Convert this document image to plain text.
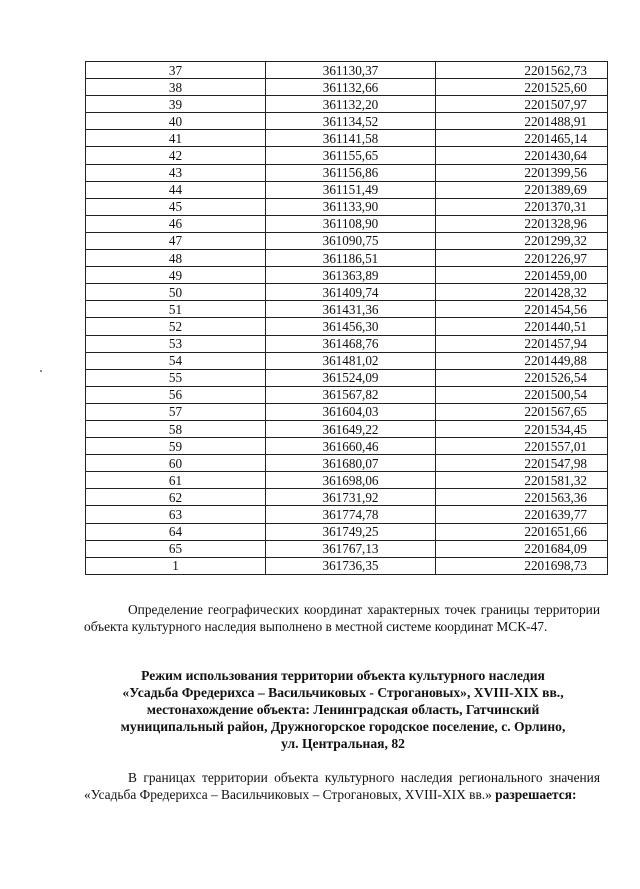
37	361130,37	2201562,73
38	361132,66	2201525,60
39	361132,20	2201507,97
40	361134,52	2201488,91
41	361141,58	2201465,14
42	361155,65	2201430,64
43	361156,86	2201399,56
44	361151,49	2201389,69
45	361133,90	2201370,31
46	361108,90	2201328,96
47	361090,75	2201299,32
48	361186,51	2201226,97
49	361363,89	2201459,00
50	361409,74	2201428,32
51	361431,36	2201454,56
52	361456,30	2201440,51
53	361468,76	2201457,94
54	361481,02	2201449,88
55	361524,09	2201526,54
56	361567,82	2201500,54
57	361604,03	2201567,65
58	361649,22	2201534,45
59	361660,46	2201557,01
60	361680,07	2201547,98
61	361698,06	2201581,32
62	361731,92	2201563,36
63	361774,78	2201639,77
64	361749,25	2201651,66
65	361767,13	2201684,09
1	361736,35	2201698,73

Определение географических координат характерных точек границы территории объекта культурного наследия выполнено в местной системе координат МСК-47.

Режим использования территории объекта культурного наследия
«Усадьба Фредерихса – Васильчиковых - Строгановых», XVIII-XIX вв.,
местонахождение объекта: Ленинградская область, Гатчинский
муниципальный район, Дружногорское городское поселение, с. Орлино,
ул. Центральная, 82

В границах территории объекта культурного наследия регионального значения «Усадьба Фредерихса – Васильчиковых – Строгановых, XVIII-XIX вв.» разрешается:
